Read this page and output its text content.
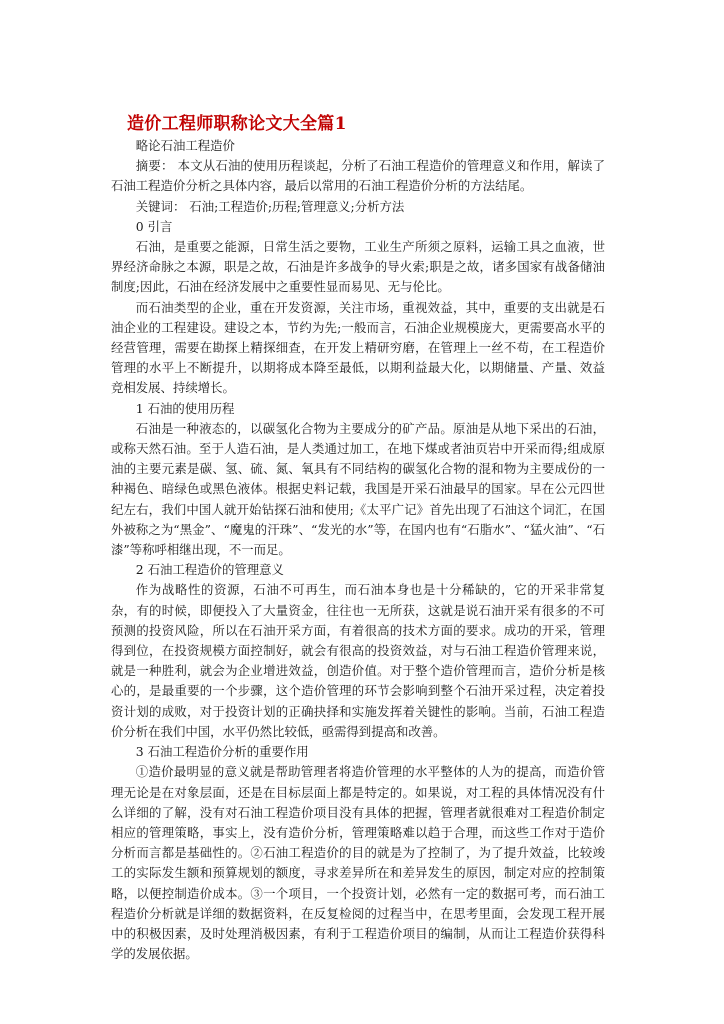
造价工程师职称论文大全篇1

略论石油工程造价

摘要： 本文从石油的使用历程谈起，分析了石油工程造价的管理意义和作用，解读了石油工程造价分析之具体内容，最后以常用的石油工程造价分析的方法结尾。

关键词： 石油;工程造价;历程;管理意义;分析方法

0 引言

石油，是重要之能源，日常生活之要物，工业生产所须之原料，运输工具之血液，世界经济命脉之本源，职是之故，石油是许多战争的导火索;职是之故，诸多国家有战备储油制度;因此，石油在经济发展中之重要性显而易见、无与伦比。

而石油类型的企业，重在开发资源，关注市场，重视效益，其中，重要的支出就是石油企业的工程建设。建设之本，节约为先;一般而言，石油企业规模庞大，更需要高水平的经营管理，需要在勘探上精探细查，在开发上精研穷磨，在管理上一丝不苟，在工程造价管理的水平上不断提升，以期将成本降至最低，以期利益最大化，以期储量、产量、效益竞相发展、持续增长。

1 石油的使用历程

石油是一种液态的，以碳氢化合物为主要成分的矿产品。原油是从地下采出的石油，或称天然石油。至于人造石油，是人类通过加工，在地下煤或者油页岩中开采而得;组成原油的主要元素是碳、氢、硫、氮、氧具有不同结构的碳氢化合物的混和物为主要成份的一种褐色、暗绿色或黑色液体。根据史料记载，我国是开采石油最早的国家。早在公元四世纪左右，我们中国人就开始钻探石油和使用;《太平广记》首先出现了石油这个词汇，在国外被称之为“黑金”、“魔鬼的汗珠”、“发光的水”等，在国内也有“石脂水”、“猛火油”、“石漆”等称呼相继出现，不一而足。

2 石油工程造价的管理意义

作为战略性的资源，石油不可再生，而石油本身也是十分稀缺的，它的开采非常复杂，有的时候，即便投入了大量资金，往往也一无所获，这就是说石油开采有很多的不可预测的投资风险，所以在石油开采方面，有着很高的技术方面的要求。成功的开采，管理得到位，在投资规模方面控制好，就会有很高的投资效益，对与石油工程造价管理来说，就是一种胜利，就会为企业增进效益，创造价值。对于整个造价管理而言，造价分析是核心的，是最重要的一个步骤，这个造价管理的环节会影响到整个石油开采过程，决定着投资计划的成败，对于投资计划的正确抉择和实施发挥着关键性的影响。当前，石油工程造价分析在我们中国，水平仍然比较低，亟需得到提高和改善。

3 石油工程造价分析的重要作用

①造价最明显的意义就是帮助管理者将造价管理的水平整体的人为的提高，而造价管理无论是在对象层面，还是在目标层面上都是特定的。如果说，对工程的具体情况没有什么详细的了解，没有对石油工程造价项目没有具体的把握，管理者就很难对工程造价制定相应的管理策略，事实上，没有造价分析，管理策略难以趋于合理，而这些工作对于造价分析而言都是基础性的。②石油工程造价的目的就是为了控制了，为了提升效益，比较竣工的实际发生额和预算规划的额度，寻求差异所在和差异发生的原因，制定对应的控制策略，以便控制造价成本。③一个项目，一个投资计划，必然有一定的数据可考，而石油工程造价分析就是详细的数据资料，在反复检阅的过程当中，在思考里面，会发现工程开展中的积极因素，及时处理消极因素，有利于工程造价项目的编制，从而让工程造价获得科学的发展依据。
